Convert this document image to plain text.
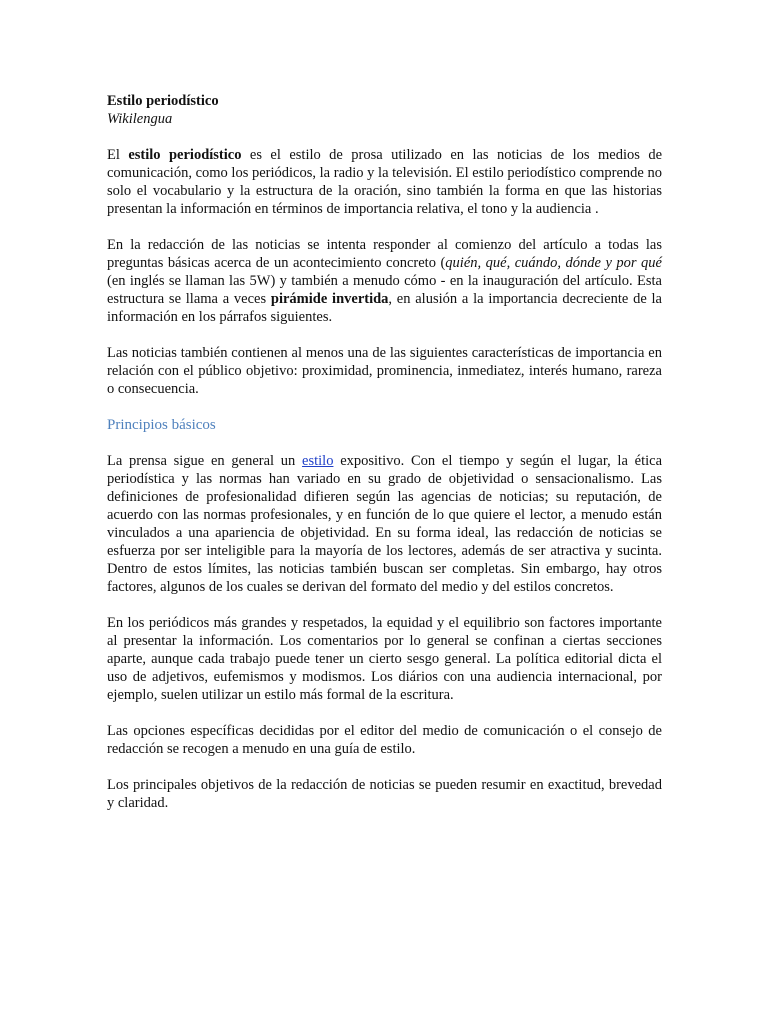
Estilo periodístico
Wikilengua

El estilo periodístico es el estilo de prosa utilizado en las noticias de los medios de comunicación, como los periódicos, la radio y la televisión. El estilo periodístico comprende no solo el vocabulario y la estructura de la oración, sino también la forma en que las historias presentan la información en términos de importancia relativa, el tono y la audiencia .

En la redacción de las noticias se intenta responder al comienzo del artículo a todas las preguntas básicas acerca de un acontecimiento concreto (quién, qué, cuándo, dónde y por qué (en inglés se llaman las 5W) y también a menudo cómo - en la inauguración del artículo. Esta estructura se llama a veces pirámide invertida, en alusión a la importancia decreciente de la información en los párrafos siguientes.

Las noticias también contienen al menos una de las siguientes características de importancia en relación con el público objetivo: proximidad, prominencia, inmediatez, interés humano, rareza o consecuencia.

Principios básicos

La prensa sigue en general un estilo expositivo. Con el tiempo y según el lugar, la ética periodística y las normas han variado en su grado de objetividad o sensacionalismo. Las definiciones de profesionalidad difieren según las agencias de noticias; su reputación, de acuerdo con las normas profesionales, y en función de lo que quiere el lector, a menudo están vinculados a una apariencia de objetividad. En su forma ideal, las redacción de noticias se esfuerza por ser inteligible para la mayoría de los lectores, además de ser atractiva y sucinta. Dentro de estos límites, las noticias también buscan ser completas. Sin embargo, hay otros factores, algunos de los cuales se derivan del formato del medio y del estilos concretos.

En los periódicos más grandes y respetados, la equidad y el equilibrio son factores importante al presentar la información. Los comentarios por lo general se confinan a ciertas secciones aparte, aunque cada trabajo puede tener un cierto sesgo general. La política editorial dicta el uso de adjetivos, eufemismos y modismos. Los diários con una audiencia internacional, por ejemplo, suelen utilizar un estilo más formal de la escritura.

Las opciones específicas decididas por el editor del medio de comunicación o el consejo de redacción se recogen a menudo en una guía de estilo.

Los principales objetivos de la redacción de noticias se pueden resumir en exactitud, brevedad y claridad.
